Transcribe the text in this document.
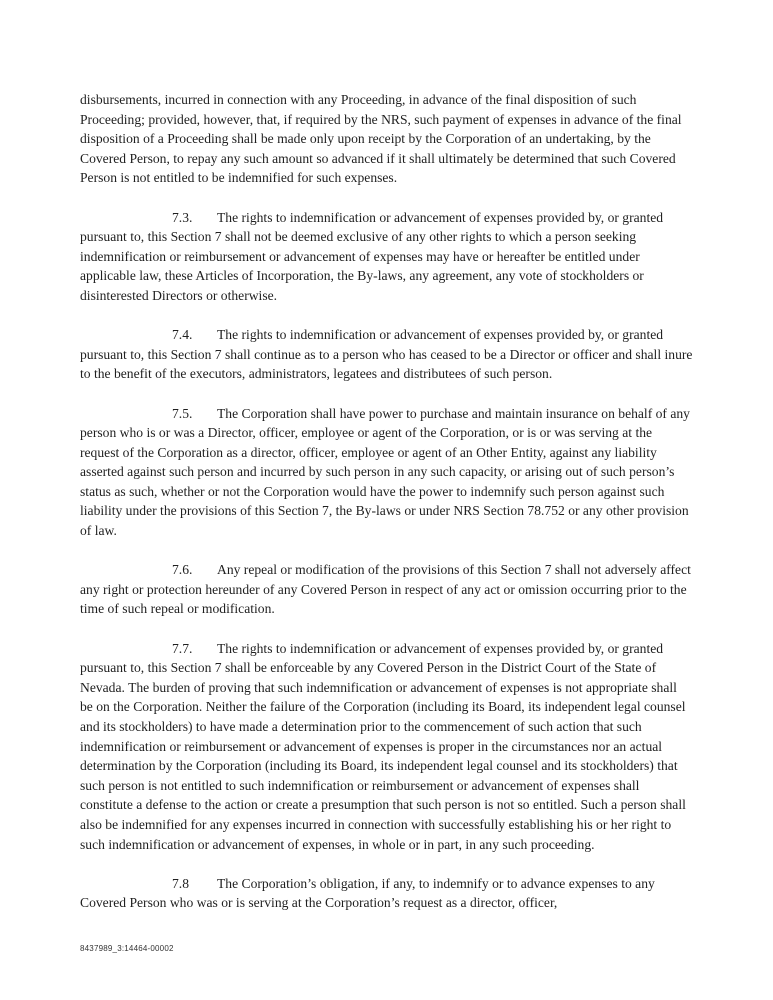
disbursements, incurred in connection with any Proceeding, in advance of the final disposition of such Proceeding; provided, however, that, if required by the NRS, such payment of expenses in advance of the final disposition of a Proceeding shall be made only upon receipt by the Corporation of an undertaking, by the Covered Person, to repay any such amount so advanced if it shall ultimately be determined that such Covered Person is not entitled to be indemnified for such expenses.

7.3. The rights to indemnification or advancement of expenses provided by, or granted pursuant to, this Section 7 shall not be deemed exclusive of any other rights to which a person seeking indemnification or reimbursement or advancement of expenses may have or hereafter be entitled under applicable law, these Articles of Incorporation, the By-laws, any agreement, any vote of stockholders or disinterested Directors or otherwise.

7.4. The rights to indemnification or advancement of expenses provided by, or granted pursuant to, this Section 7 shall continue as to a person who has ceased to be a Director or officer and shall inure to the benefit of the executors, administrators, legatees and distributees of such person.

7.5. The Corporation shall have power to purchase and maintain insurance on behalf of any person who is or was a Director, officer, employee or agent of the Corporation, or is or was serving at the request of the Corporation as a director, officer, employee or agent of an Other Entity, against any liability asserted against such person and incurred by such person in any such capacity, or arising out of such person’s status as such, whether or not the Corporation would have the power to indemnify such person against such liability under the provisions of this Section 7, the By-laws or under NRS Section 78.752 or any other provision of law.

7.6. Any repeal or modification of the provisions of this Section 7 shall not adversely affect any right or protection hereunder of any Covered Person in respect of any act or omission occurring prior to the time of such repeal or modification.

7.7. The rights to indemnification or advancement of expenses provided by, or granted pursuant to, this Section 7 shall be enforceable by any Covered Person in the District Court of the State of Nevada. The burden of proving that such indemnification or advancement of expenses is not appropriate shall be on the Corporation. Neither the failure of the Corporation (including its Board, its independent legal counsel and its stockholders) to have made a determination prior to the commencement of such action that such indemnification or reimbursement or advancement of expenses is proper in the circumstances nor an actual determination by the Corporation (including its Board, its independent legal counsel and its stockholders) that such person is not entitled to such indemnification or reimbursement or advancement of expenses shall constitute a defense to the action or create a presumption that such person is not so entitled. Such a person shall also be indemnified for any expenses incurred in connection with successfully establishing his or her right to such indemnification or advancement of expenses, in whole or in part, in any such proceeding.

7.8 The Corporation’s obligation, if any, to indemnify or to advance expenses to any Covered Person who was or is serving at the Corporation’s request as a director, officer,

8437989_3:14464-00002
